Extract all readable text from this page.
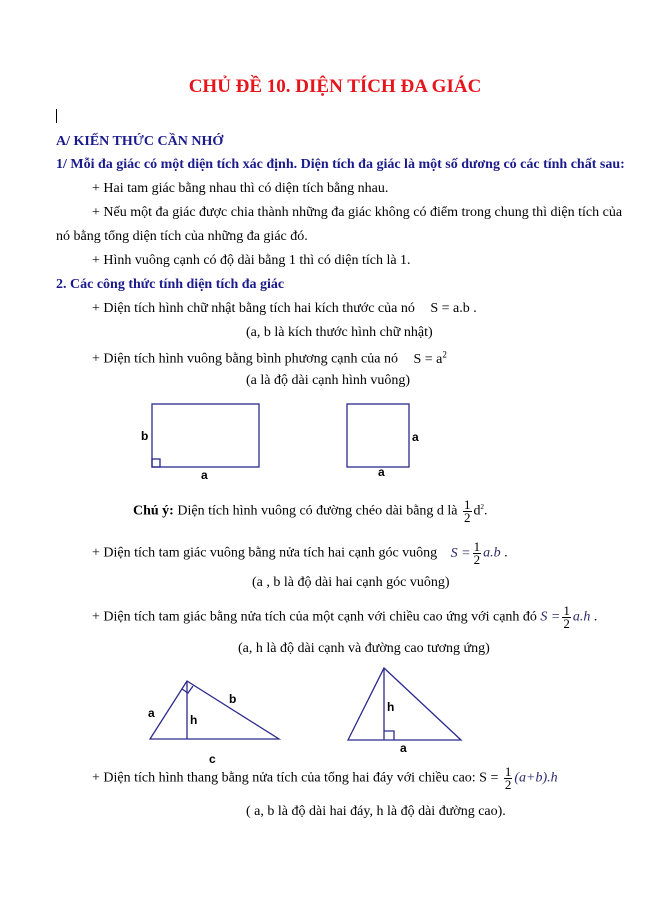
CHỦ ĐỀ 10. DIỆN TÍCH ĐA GIÁC
A/ KIẾN THỨC CẦN NHỚ
1/ Mỗi đa giác có một diện tích xác định. Diện tích đa giác là một số dương có các tính chất sau:
+ Hai tam giác bằng nhau thì có diện tích bằng nhau.
+ Nếu một đa giác được chia thành những đa giác không có điểm trong chung thì diện tích của
nó bằng tổng diện tích của những đa giác đó.
+ Hình vuông cạnh có độ dài bằng 1 thì có diện tích là 1.
2. Các công thức tính diện tích đa giác
+ Diện tích hình chữ nhật bằng tích hai kích thước của nó S = a.b .
(a, b là kích thước hình chữ nhật)
+ Diện tích hình vuông bằng bình phương cạnh của nó $S = a^2$
(a là độ dài cạnh hình vuông)
b
a
a
a
Chú ý: Diện tích hình vuông có đường chéo dài bằng d là $\frac{1}{2} d^2$.
+ Diện tích tam giác vuông bằng nửa tích hai cạnh góc vuông $S = \frac{1}{2} a.b$ .
(a , b là độ dài hai cạnh góc vuông)
+ Diện tích tam giác bằng nửa tích của một cạnh với chiều cao ứng với cạnh đó $S = \frac{1}{2} a.h$ .
(a, h là độ dài cạnh và đường cao tương ứng)
a
b
h
c
h
a
+ Diện tích hình thang bằng nửa tích của tổng hai đáy với chiều cao: $S = \frac{1}{2} (a+b).h$
( a, b là độ dài hai đáy, h là độ dài đường cao).
